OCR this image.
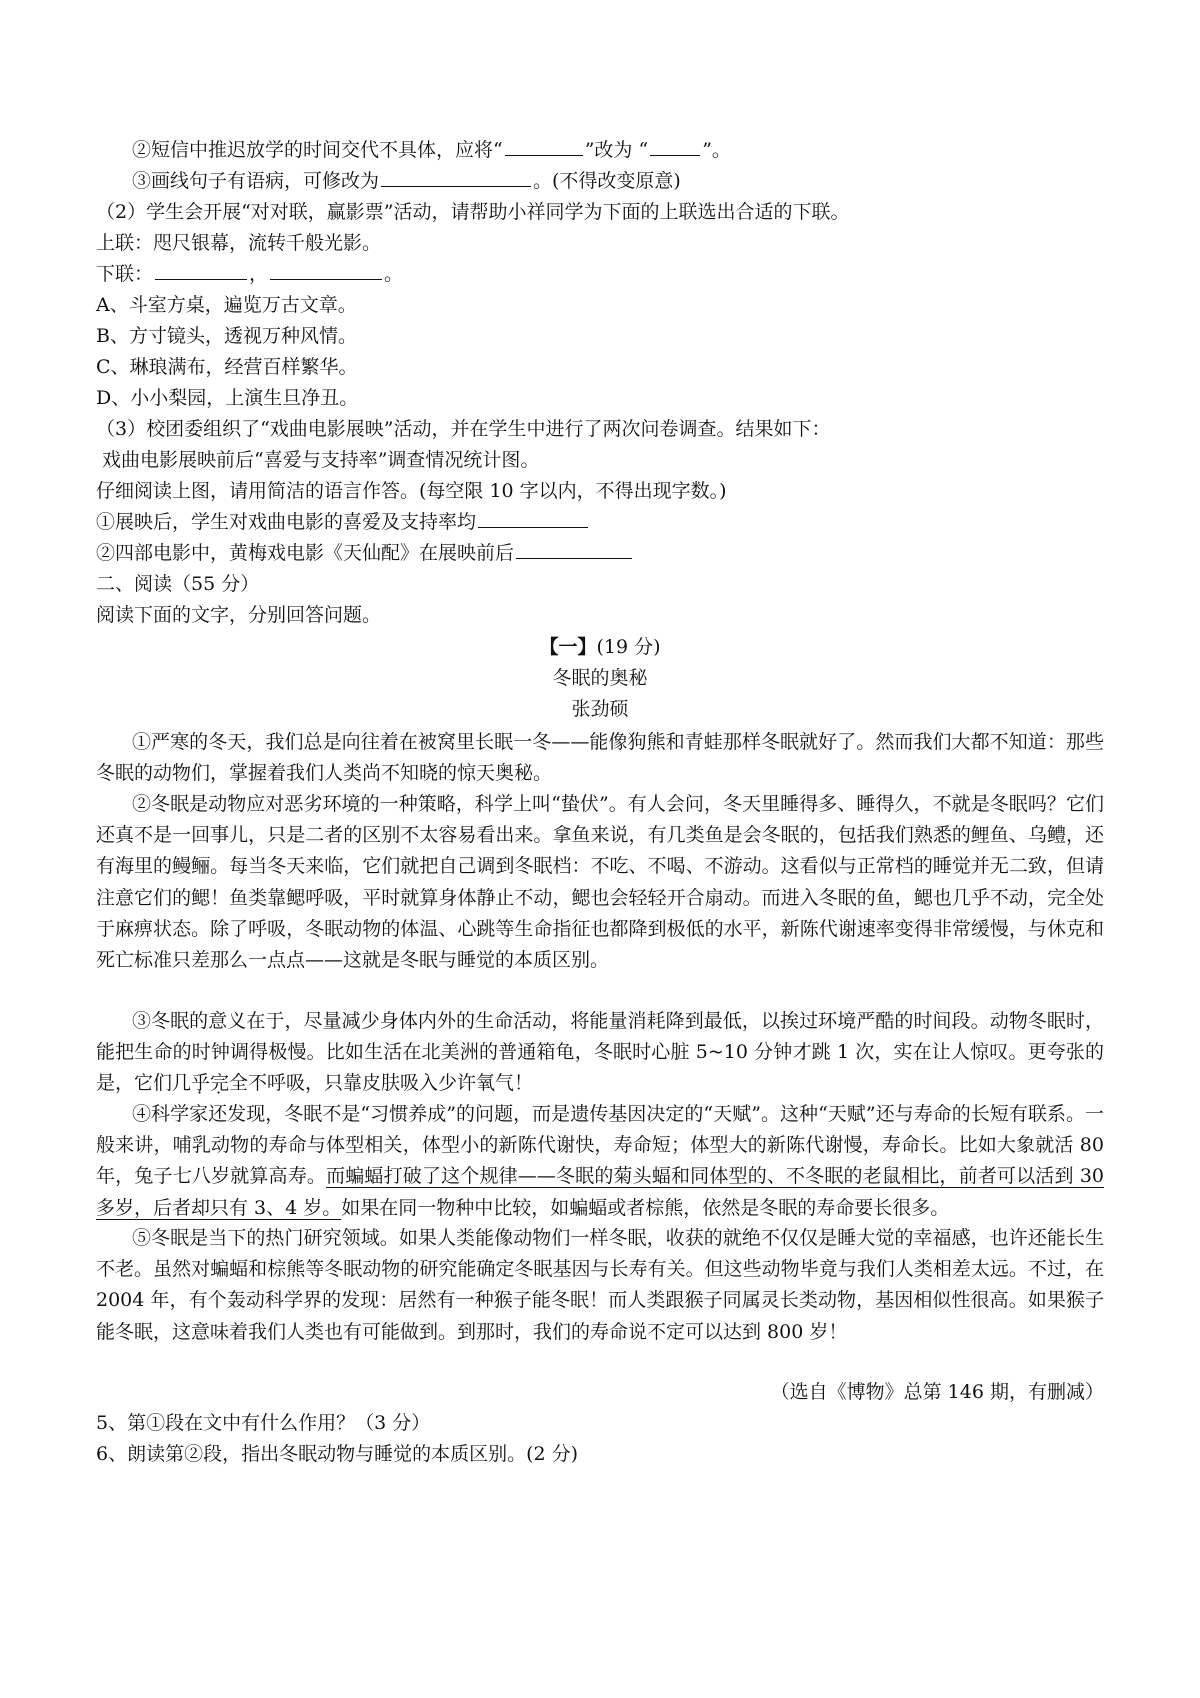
②短信中推迟放学的时间交代不具体，应将“	”改为 “	”。
③画线句子有语病，可修改为	。(不得改变原意)
（2）学生会开展“对对联，赢影票”活动，请帮助小祥同学为下面的上联选出合适的下联。
上联：咫尺银幕，流转千般光影。
下联：	，	。
A、斗室方桌，遍览万古文章。
B、方寸镜头，透视万种风情。
C、琳琅满布，经营百样繁华。
D、小小梨园，上演生旦净丑。
（3）校团委组织了“戏曲电影展映”活动，并在学生中进行了两次问卷调查。结果如下：
戏曲电影展映前后“喜爱与支持率”调查情况统计图。
仔细阅读上图，请用简洁的语言作答。(每空限 10 字以内，不得出现字数。)
①展映后，学生对戏曲电影的喜爱及支持率均
②四部电影中，黄梅戏电影《天仙配》在展映前后
二、阅读（55 分）
阅读下面的文字，分别回答问题。
【一】(19 分)
冬眠的奥秘
张劲硕
①严寒的冬天，我们总是向往着在被窝里长眠一冬——能像狗熊和青蛙那样冬眠就好了。然而我们大都不知道：那些冬眠的动物们，掌握着我们人类尚不知晓的惊天奥秘。
②冬眠是动物应对恶劣环境的一种策略，科学上叫“蛰伏”。有人会问，冬天里睡得多、睡得久，不就是冬眠吗？它们还真不是一回事儿，只是二者的区别不太容易看出来。拿鱼来说，有几类鱼是会冬眠的，包括我们熟悉的鲤鱼、乌鳢，还有海里的鳗鲡。每当冬天来临，它们就把自己调到冬眠档：不吃、不喝、不游动。这看似与正常档的睡觉并无二致，但请注意它们的鳃！鱼类靠鳃呼吸，平时就算身体静止不动，鳃也会轻轻开合扇动。而进入冬眠的鱼，鳃也几乎不动，完全处于麻痹状态。除了呼吸，冬眠动物的体温、心跳等生命指征也都降到极低的水平，新陈代谢速率变得非常缓慢，与休克和死亡标准只差那么一点点——这就是冬眠与睡觉的本质区别。
③冬眠的意义在于，尽量减少身体内外的生命活动，将能量消耗降到最低，以挨过环境严酷的时间段。动物冬眠时，能把生命的时钟调得极慢。比如生活在北美洲的普通箱龟，冬眠时心脏 5~10 分钟才跳 1 次，实在让人惊叹。更夸张的是，它们几乎完全不呼吸，只靠皮肤吸入少许氧气！
④科学家还发现，冬眠不是“习惯养成”的问题，而是遗传基因决定的“天赋”。这种“天赋”还与寿命的长短有联系。一般来讲，哺乳动物的寿命与体型相关，体型小的新陈代谢快，寿命短；体型大的新陈代谢慢，寿命长。比如大象就活 80 年，兔子七八岁就算高寿。而蝙蝠打破了这个规律——冬眠的菊头蝠和同体型的、不冬眠的老鼠相比，前者可以活到 30 多岁，后者却只有 3、4 岁。如果在同一物种中比较，如蝙蝠或者棕熊，依然是冬眠的寿命要长很多。
⑤冬眠是当下的热门研究领域。如果人类能像动物们一样冬眠，收获的就绝不仅仅是睡大觉的幸福感，也许还能长生不老。虽然对蝙蝠和棕熊等冬眠动物的研究能确定冬眠基因与长寿有关。但这些动物毕竟与我们人类相差太远。不过，在 2004 年，有个轰动科学界的发现：居然有一种猴子能冬眠！而人类跟猴子同属灵长类动物，基因相似性很高。如果猴子能冬眠，这意味着我们人类也有可能做到。到那时，我们的寿命说不定可以达到 800 岁！
（选自《博物》总第 146 期，有删减）
5、第①段在文中有什么作用？（3 分）
6、朗读第②段，指出冬眠动物与睡觉的本质区别。(2 分)
